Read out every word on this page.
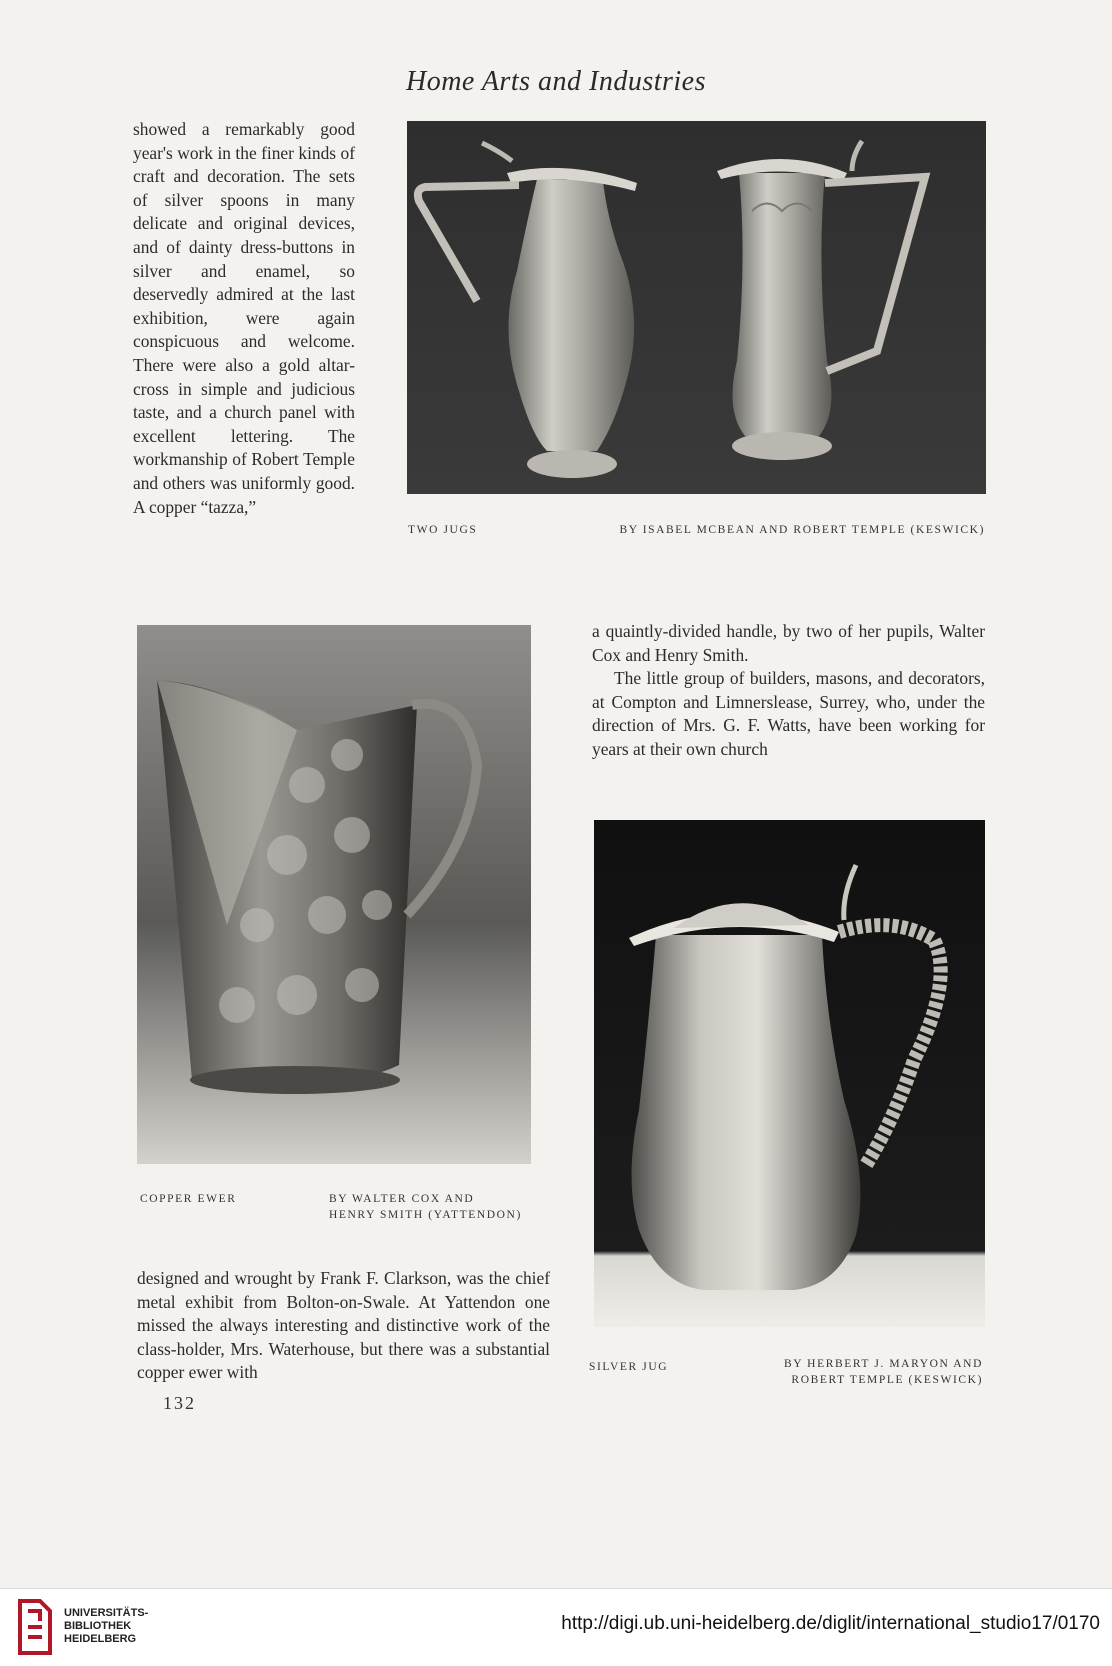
Home Arts and Industries

showed a remarkably good year's work in the finer kinds of craft and decoration. The sets of silver spoons in many delicate and original devices, and of dainty dress-buttons in silver and enamel, so deservedly admired at the last exhibition, were again conspicuous and welcome. There were also a gold altar-cross in simple and judicious taste, and a church panel with excellent lettering. The workmanship of Robert Temple and others was uniformly good. A copper “tazza,”

TWO JUGS	BY ISABEL MCBEAN AND ROBERT TEMPLE (KESWICK)
COPPER EWER	BY WALTER COX AND
HENRY SMITH (YATTENDON)

a quaintly-divided handle, by two of her pupils, Walter Cox and Henry Smith.

The little group of builders, masons, and decorators, at Compton and Limnerslease, Surrey, who, under the direction of Mrs. G. F. Watts, have been working for years at their own church

SILVER JUG	BY HERBERT J. MARYON AND
ROBERT TEMPLE (KESWICK)

designed and wrought by Frank F. Clarkson, was the chief metal exhibit from Bolton-on-Swale. At Yattendon one missed the always interesting and distinctive work of the class-holder, Mrs. Waterhouse, but there was a substantial copper ewer with

132
UNIVERSITÄTS-
BIBLIOTHEK
HEIDELBERG
http://digi.ub.uni-heidelberg.de/diglit/international_studio17/0170
